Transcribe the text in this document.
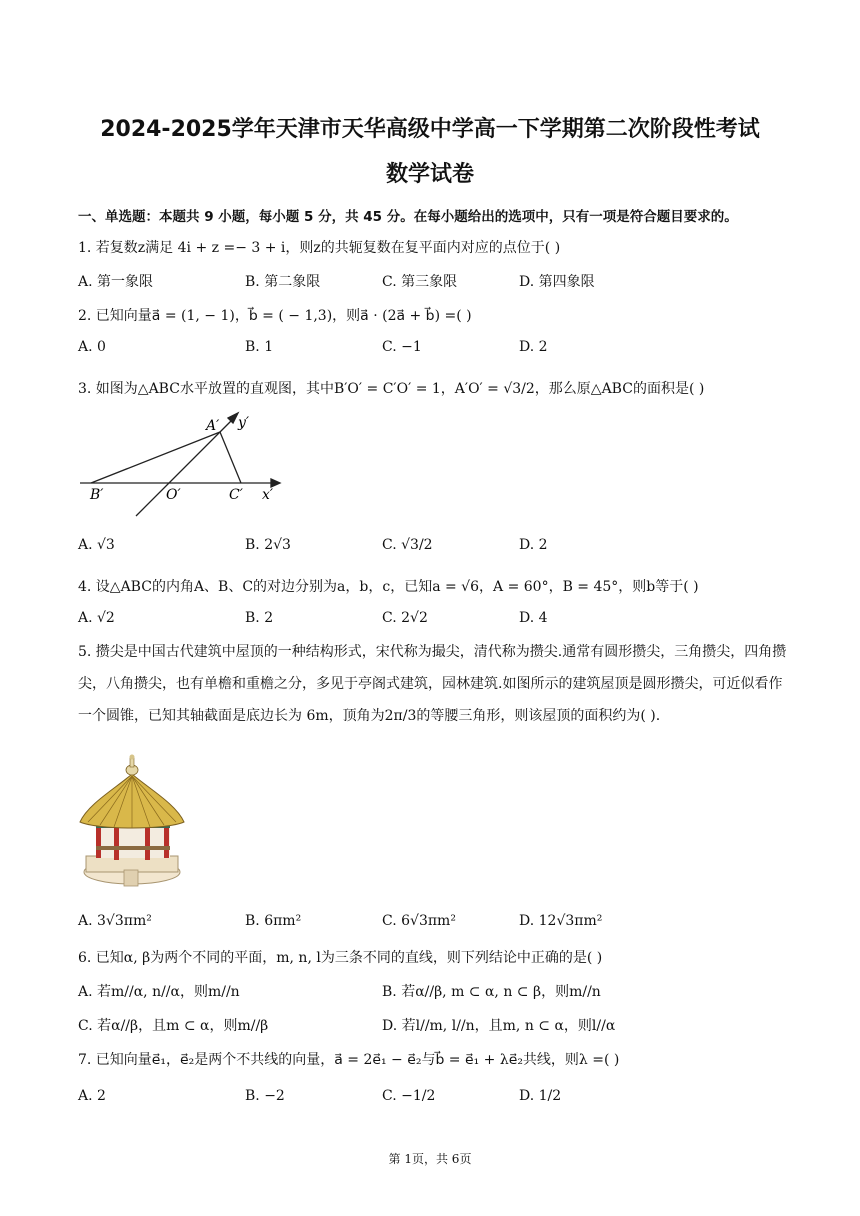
2024-2025学年天津市天华高级中学高一下学期第二次阶段性考试
数学试卷
一、单选题：本题共 9 小题，每小题 5 分，共 45 分。在每小题给出的选项中，只有一项是符合题目要求的。
1. 若复数z满足 4i + z =− 3 + i，则z的共轭复数在复平面内对应的点位于( )
A. 第一象限	B. 第二象限	C. 第三象限	D. 第四象限
2. 已知向量a⃗ = (1, − 1)，b⃗ = ( − 1,3)，则a⃗ · (2a⃗ + b⃗) =( )
A. 0	B. 1	C. −1	D. 2
3. 如图为△ABC水平放置的直观图，其中B′O′ = C′O′ = 1，A′O′ = √3/2，那么原△ABC的面积是( )
A′ y′
B′	O′	C′ x′
A. √3	B. 2√3	C. √3/2	D. 2
4. 设△ABC的内角A、B、C的对边分别为a，b，c，已知a = √6，A = 60°，B = 45°，则b等于( )
A. √2	B. 2	C. 2√2	D. 4
5. 攒尖是中国古代建筑中屋顶的一种结构形式，宋代称为撮尖，清代称为攒尖.通常有圆形攒尖，三角攒尖，四角攒尖，八角攒尖，也有单檐和重檐之分，多见于亭阁式建筑，园林建筑.如图所示的建筑屋顶是圆形攒尖，可近似看作一个圆锥，已知其轴截面是底边长为 6m，顶角为2π/3的等腰三角形，则该屋顶的面积约为( ).
A. 3√3πm²	B. 6πm²	C. 6√3πm²	D. 12√3πm²
6. 已知α, β为两个不同的平面，m, n, l为三条不同的直线，则下列结论中正确的是( )
A. 若m//α, n//α，则m//n	B. 若α//β, m ⊂ α, n ⊂ β，则m//n
C. 若α//β，且m ⊂ α，则m//β	D. 若l//m, l//n，且m, n ⊂ α，则l//α
7. 已知向量e⃗₁，e⃗₂是两个不共线的向量，a⃗ = 2e⃗₁ − e⃗₂与b⃗ = e⃗₁ + λe⃗₂共线，则λ =( )
A. 2	B. −2	C. −1/2	D. 1/2
第 1页，共 6页
